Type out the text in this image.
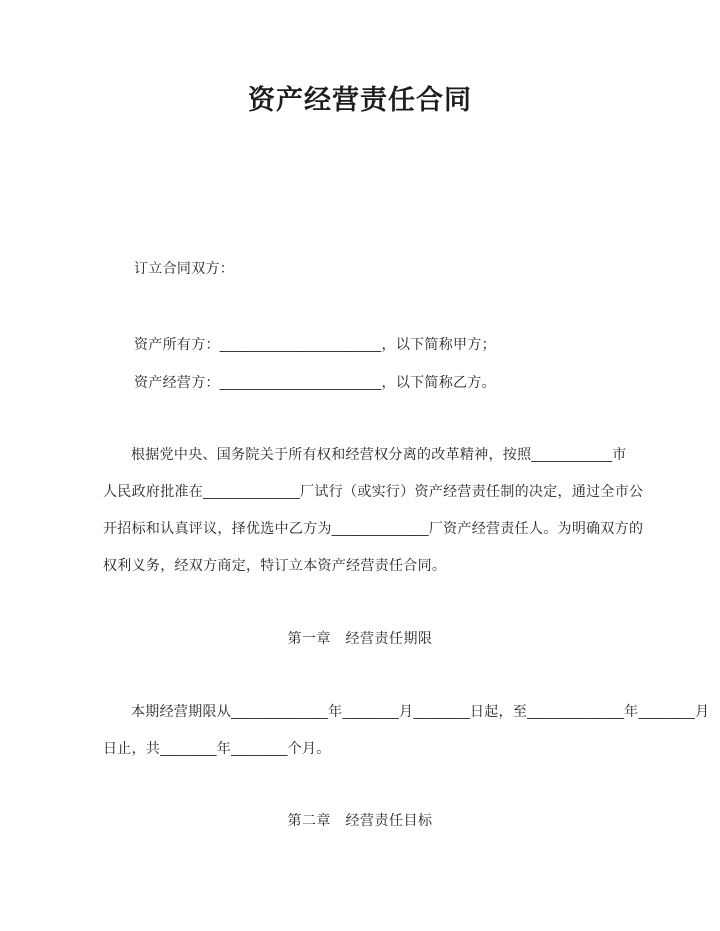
资产经营责任合同
订立合同双方：
资产所有方：____________________，以下简称甲方；
资产经营方：____________________，以下简称乙方。
根据党中央、国务院关于所有权和经营权分离的改革精神，按照__________市
人民政府批准在____________厂试行（或实行）资产经营责任制的决定，通过全市公
开招标和认真评议，择优选中乙方为____________厂资产经营责任人。为明确双方的
权利义务，经双方商定，特订立本资产经营责任合同。
第一章　经营责任期限
本期经营期限从____________年_______月_______日起，至____________年_______月
日止，共_______年_______个月。
第二章　经营责任目标
